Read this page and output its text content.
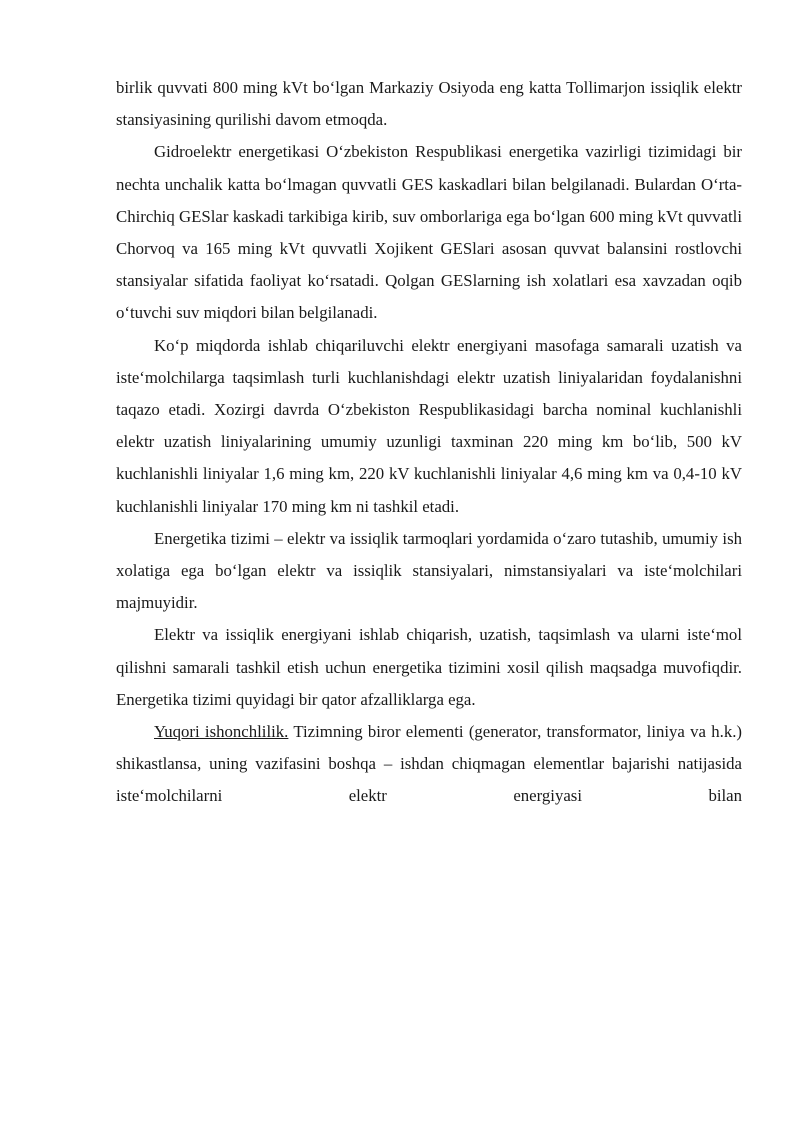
birlik quvvati 800 ming kVt bo‘lgan Markaziy Osiyoda eng katta Tollimarjon issiqlik elektr stansiyasining qurilishi davom etmoqda.

Gidroelektr energetikasi O‘zbekiston Respublikasi energetika vazirligi tizimidagi bir nechta unchalik katta bo‘lmagan quvvatli GES kaskadlari bilan belgilanadi. Bulardan O‘rta-Chirchiq GESlar kaskadi tarkibiga kirib, suv omborlariga ega bo‘lgan 600 ming kVt quvvatli Chorvoq va 165 ming kVt quvvatli Xojikent GESlari asosan quvvat balansini rostlovchi stansiyalar sifatida faoliyat ko‘rsatadi. Qolgan GESlarning ish xolatlari esa xavzadan oqib o‘tuvchi suv miqdori bilan belgilanadi.

Ko‘p miqdorda ishlab chiqariluvchi elektr energiyani masofaga samarali uzatish va iste‘molchilarga taqsimlash turli kuchlanishdagi elektr uzatish liniyalaridan foydalanishni taqazo etadi. Xozirgi davrda O‘zbekiston Respublikasidagi barcha nominal kuchlanishli elektr uzatish liniyalarining umumiy uzunligi taxminan 220 ming km bo‘lib, 500 kV kuchlanishli liniyalar 1,6 ming km, 220 kV kuchlanishli liniyalar 4,6 ming km va 0,4-10 kV kuchlanishli liniyalar 170 ming km ni tashkil etadi.

Energetika tizimi – elektr va issiqlik tarmoqlari yordamida o‘zaro tutashib, umumiy ish xolatiga ega bo‘lgan elektr va issiqlik stansiyalari, nimstansiyalari va iste‘molchilari majmuyidir.

Elektr va issiqlik energiyani ishlab chiqarish, uzatish, taqsimlash va ularni iste‘mol qilishni samarali tashkil etish uchun energetika tizimini xosil qilish maqsadga muvofiqdir. Energetika tizimi quyidagi bir qator afzalliklarga ega.

Yuqori ishonchlilik. Tizimning biror elementi (generator, transformator, liniya va h.k.) shikastlansa, uning vazifasini boshqa – ishdan chiqmagan elementlar bajarishi natijasida iste‘molchilarni elektr energiyasi bilan
